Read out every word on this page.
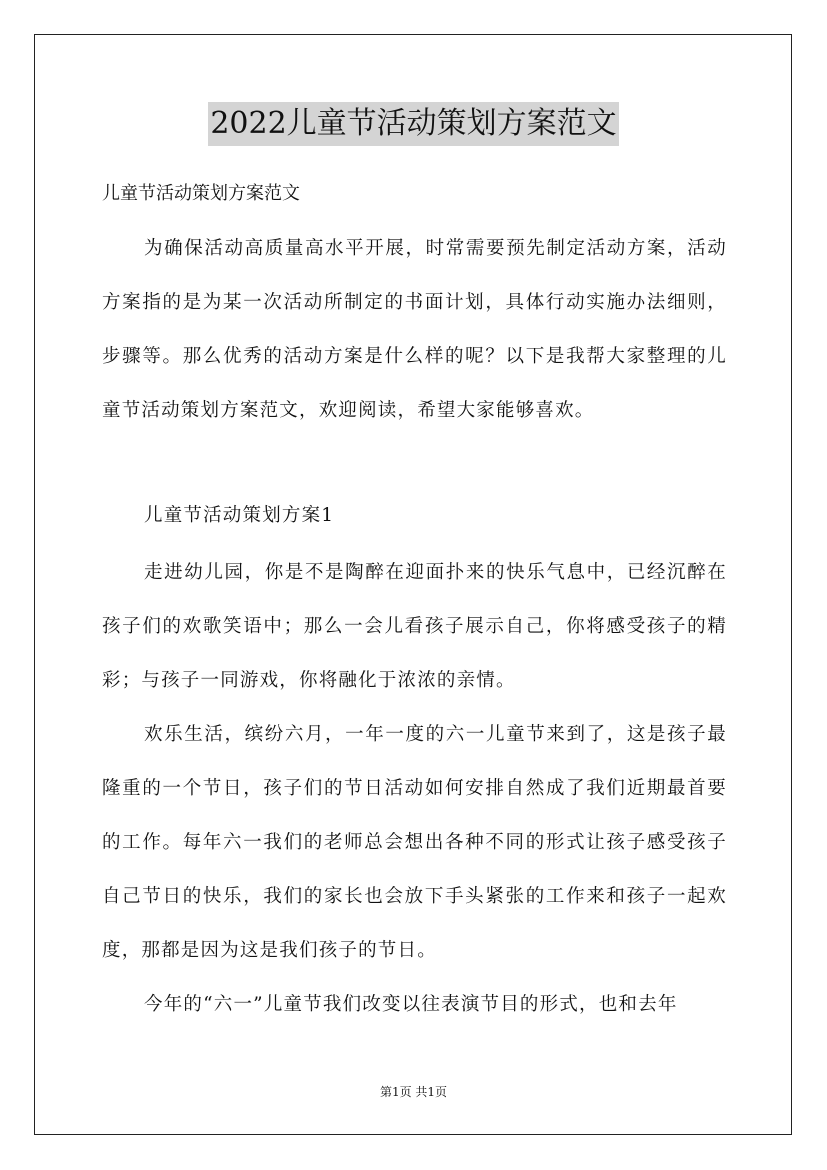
2022儿童节活动策划方案范文

儿童节活动策划方案范文

为确保活动高质量高水平开展，时常需要预先制定活动方案，活动方案指的是为某一次活动所制定的书面计划，具体行动实施办法细则，步骤等。那么优秀的活动方案是什么样的呢？以下是我帮大家整理的儿童节活动策划方案范文，欢迎阅读，希望大家能够喜欢。

儿童节活动策划方案1

走进幼儿园，你是不是陶醉在迎面扑来的快乐气息中，已经沉醉在孩子们的欢歌笑语中；那么一会儿看孩子展示自己，你将感受孩子的精彩；与孩子一同游戏，你将融化于浓浓的亲情。

欢乐生活，缤纷六月，一年一度的六一儿童节来到了，这是孩子最隆重的一个节日，孩子们的节日活动如何安排自然成了我们近期最首要的工作。每年六一我们的老师总会想出各种不同的形式让孩子感受孩子自己节日的快乐，我们的家长也会放下手头紧张的工作来和孩子一起欢度，那都是因为这是我们孩子的节日。

今年的“六一”儿童节我们改变以往表演节目的形式，也和去年

第1页 共1页
